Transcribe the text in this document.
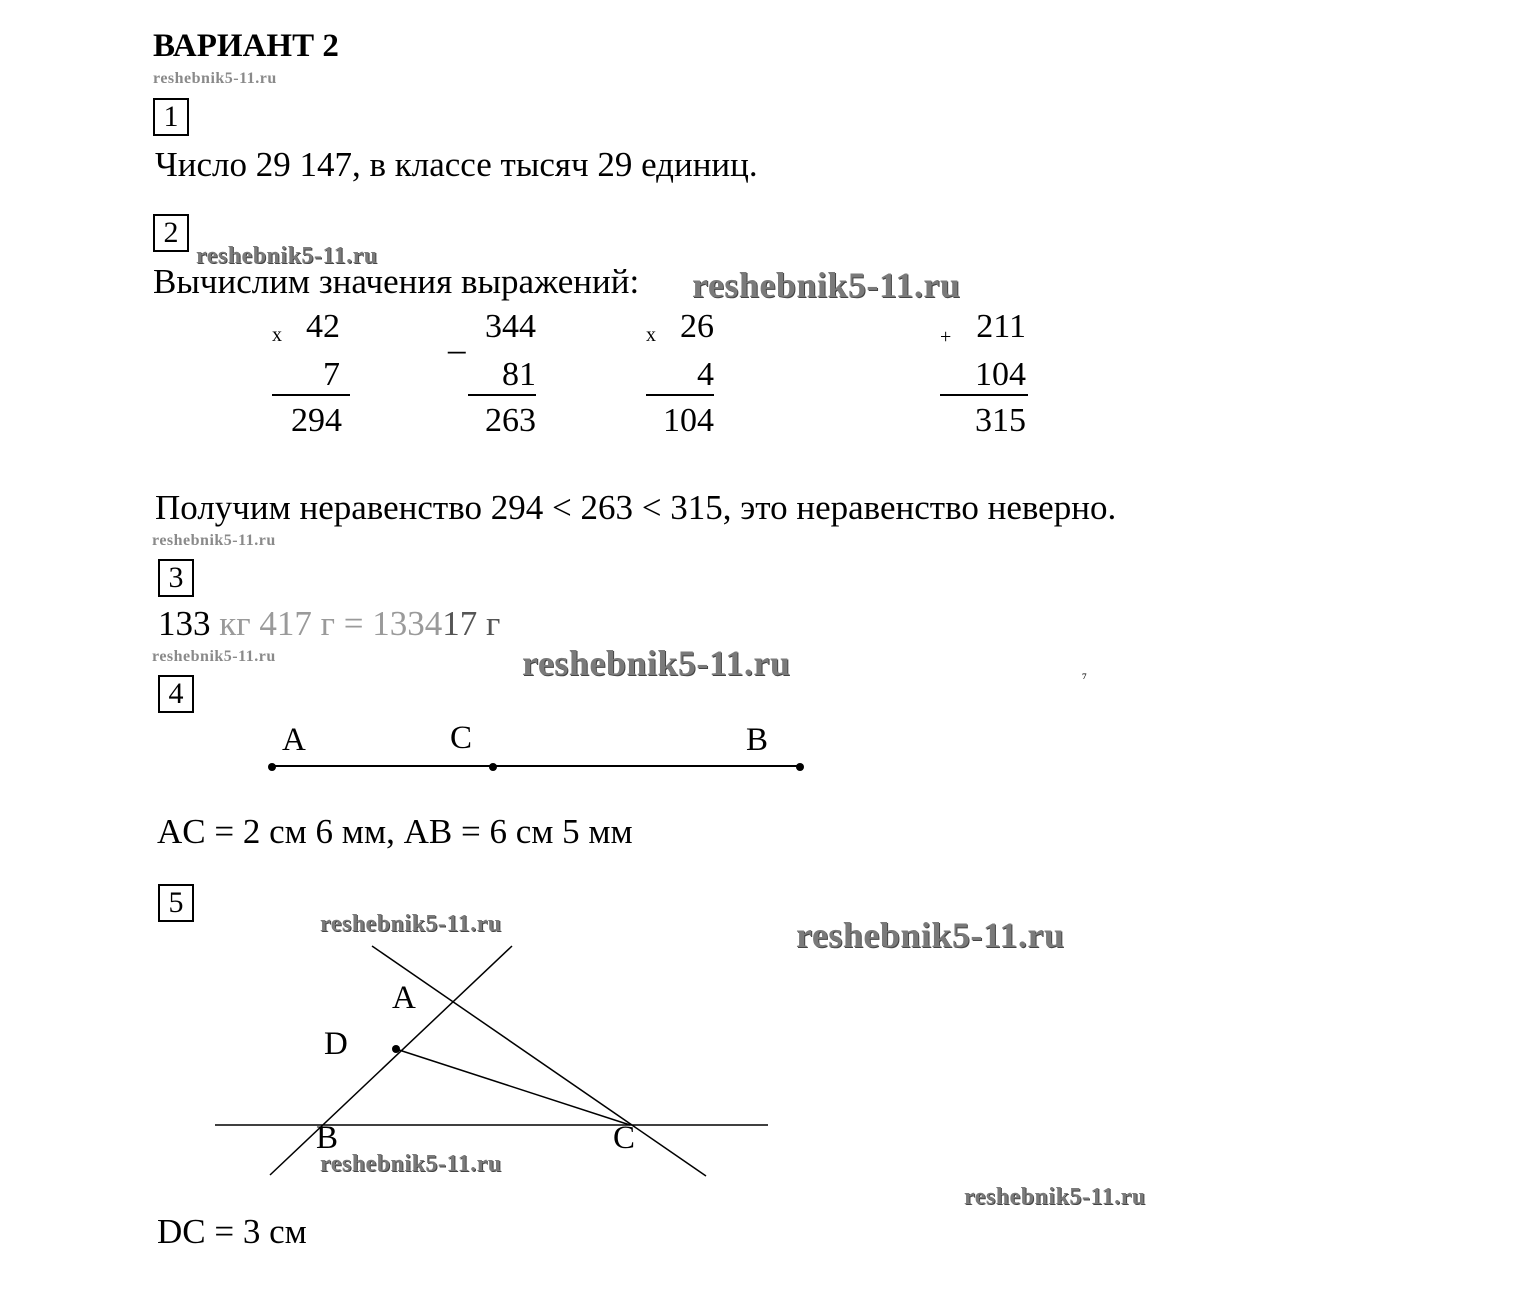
ВАРИАНТ 2
reshebnik5-11.ru
1
Число 29 147, в классе тысяч 29 единиц.
2
reshebnik5-11.ru
Вычислим значения выражений: reshebnik5-11.ru
x 42
7
294
_ 344
81
263
x 26
4
104
+ 211
104
315
Получим неравенство 294 < 263 < 315, это неравенство неверно.
reshebnik5-11.ru
3
133 кг 417 г = 133417 г
reshebnik5-11.ru	reshebnik5-11.ru	⁷
4
A	C	B
AC = 2 см 6 мм, AB = 6 см 5 мм
5
reshebnik5-11.ru	reshebnik5-11.ru
A
D
B	C
reshebnik5-11.ru
reshebnik5-11.ru
DC = 3 см
